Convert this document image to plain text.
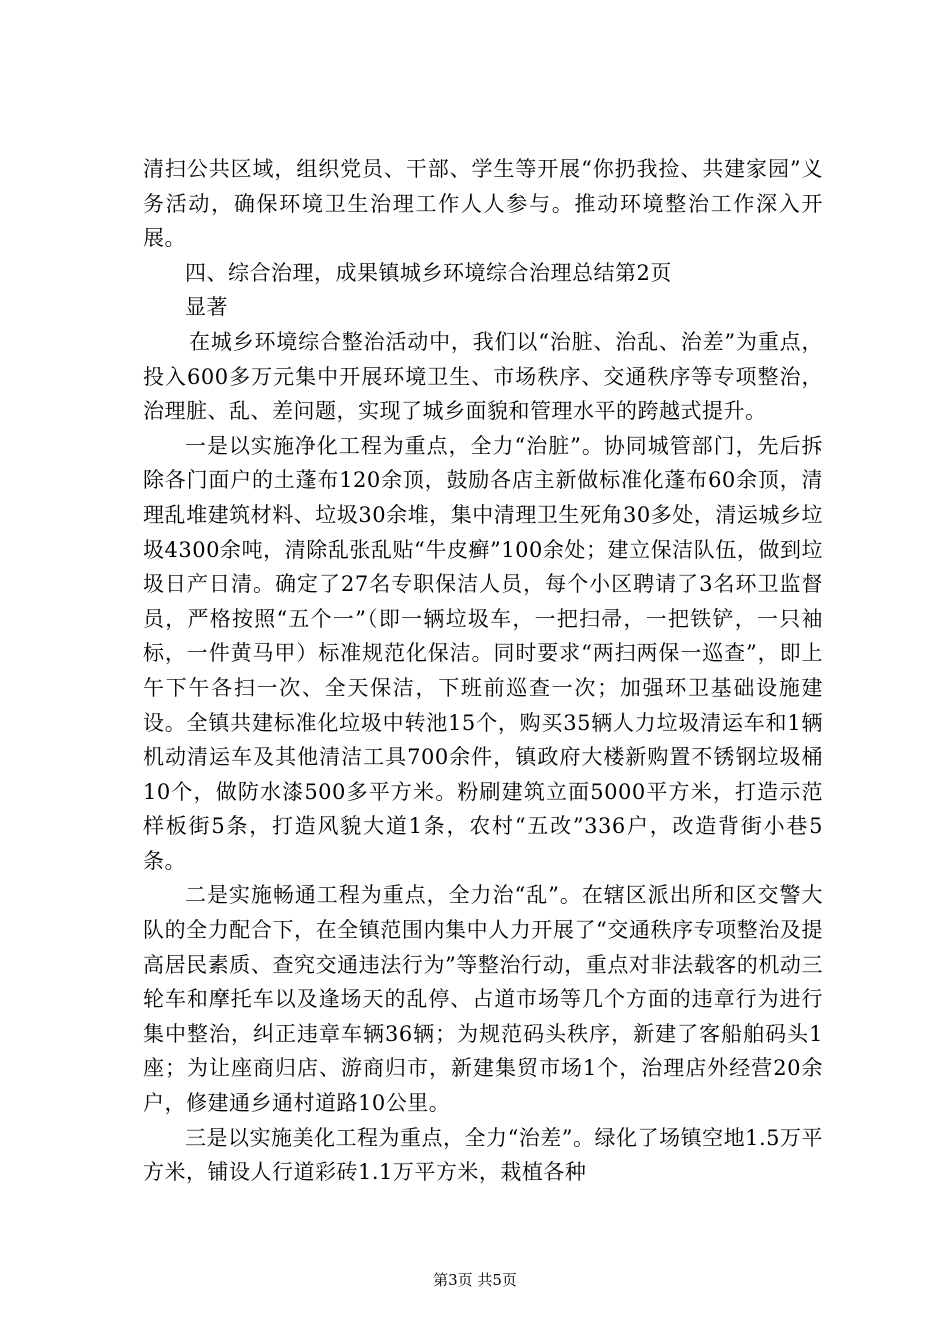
清扫公共区域，组织党员、干部、学生等开展“你扔我捡、共建家园”义务活动，确保环境卫生治理工作人人参与。推动环境整治工作深入开展。

四、综合治理，成果镇城乡环境综合治理总结第2页

显著

在城乡环境综合整治活动中，我们以“治脏、治乱、治差”为重点，投入600多万元集中开展环境卫生、市场秩序、交通秩序等专项整治，治理脏、乱、差问题，实现了城乡面貌和管理水平的跨越式提升。

一是以实施净化工程为重点，全力“治脏”。协同城管部门，先后拆除各门面户的土蓬布120余顶，鼓励各店主新做标准化蓬布60余顶，清理乱堆建筑材料、垃圾30余堆，集中清理卫生死角30多处，清运城乡垃圾4300余吨，清除乱张乱贴“牛皮癣”100余处；建立保洁队伍，做到垃圾日产日清。确定了27名专职保洁人员，每个小区聘请了3名环卫监督员，严格按照“五个一”（即一辆垃圾车，一把扫帚，一把铁铲，一只袖标，一件黄马甲）标准规范化保洁。同时要求“两扫两保一巡查”，即上午下午各扫一次、全天保洁，下班前巡查一次；加强环卫基础设施建设。全镇共建标准化垃圾中转池15个，购买35辆人力垃圾清运车和1辆机动清运车及其他清洁工具700余件，镇政府大楼新购置不锈钢垃圾桶10个，做防水漆500多平方米。粉刷建筑立面5000平方米，打造示范样板街5条，打造风貌大道1条，农村“五改”336户，改造背街小巷5条。

二是实施畅通工程为重点，全力治“乱”。在辖区派出所和区交警大队的全力配合下，在全镇范围内集中人力开展了“交通秩序专项整治及提高居民素质、查究交通违法行为”等整治行动，重点对非法载客的机动三轮车和摩托车以及逢场天的乱停、占道市场等几个方面的违章行为进行集中整治，纠正违章车辆36辆；为规范码头秩序，新建了客船舶码头1座；为让座商归店、游商归市，新建集贸市场1个，治理店外经营20余户，修建通乡通村道路10公里。

三是以实施美化工程为重点，全力“治差”。绿化了场镇空地1.5万平方米，铺设人行道彩砖1.1万平方米，栽植各种

第3页 共5页
